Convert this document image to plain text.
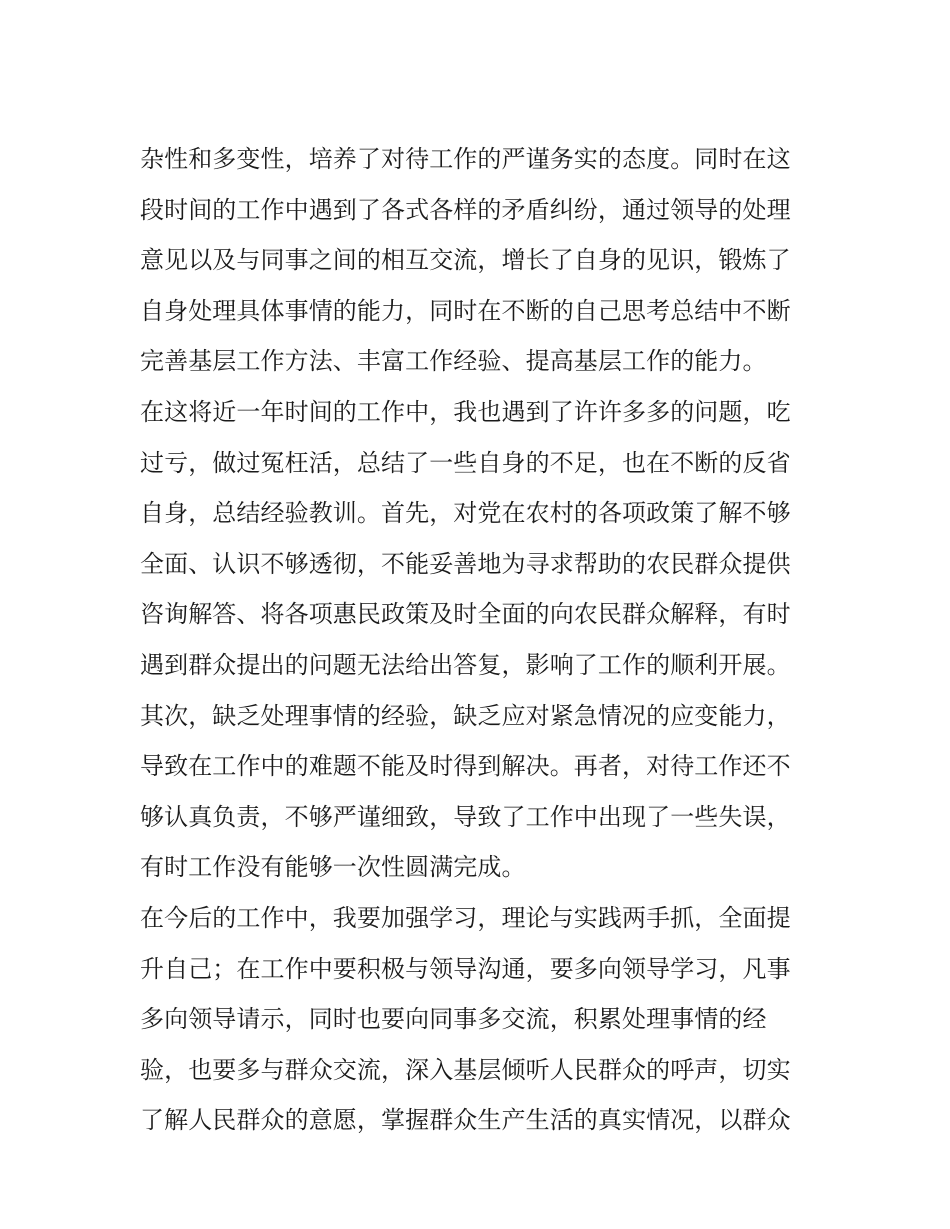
杂性和多变性，培养了对待工作的严谨务实的态度。同时在这
段时间的工作中遇到了各式各样的矛盾纠纷，通过领导的处理
意见以及与同事之间的相互交流，增长了自身的见识，锻炼了
自身处理具体事情的能力，同时在不断的自己思考总结中不断
完善基层工作方法、丰富工作经验、提高基层工作的能力。
在这将近一年时间的工作中，我也遇到了许许多多的问题，吃
过亏，做过冤枉活，总结了一些自身的不足，也在不断的反省
自身，总结经验教训。首先，对党在农村的各项政策了解不够
全面、认识不够透彻，不能妥善地为寻求帮助的农民群众提供
咨询解答、将各项惠民政策及时全面的向农民群众解释，有时
遇到群众提出的问题无法给出答复，影响了工作的顺利开展。
其次，缺乏处理事情的经验，缺乏应对紧急情况的应变能力，
导致在工作中的难题不能及时得到解决。再者，对待工作还不
够认真负责，不够严谨细致，导致了工作中出现了一些失误，
有时工作没有能够一次性圆满完成。
在今后的工作中，我要加强学习，理论与实践两手抓，全面提
升自己；在工作中要积极与领导沟通，要多向领导学习，凡事
多向领导请示，同时也要向同事多交流，积累处理事情的经
验，也要多与群众交流，深入基层倾听人民群众的呼声，切实
了解人民群众的意愿，掌握群众生产生活的真实情况，以群众
